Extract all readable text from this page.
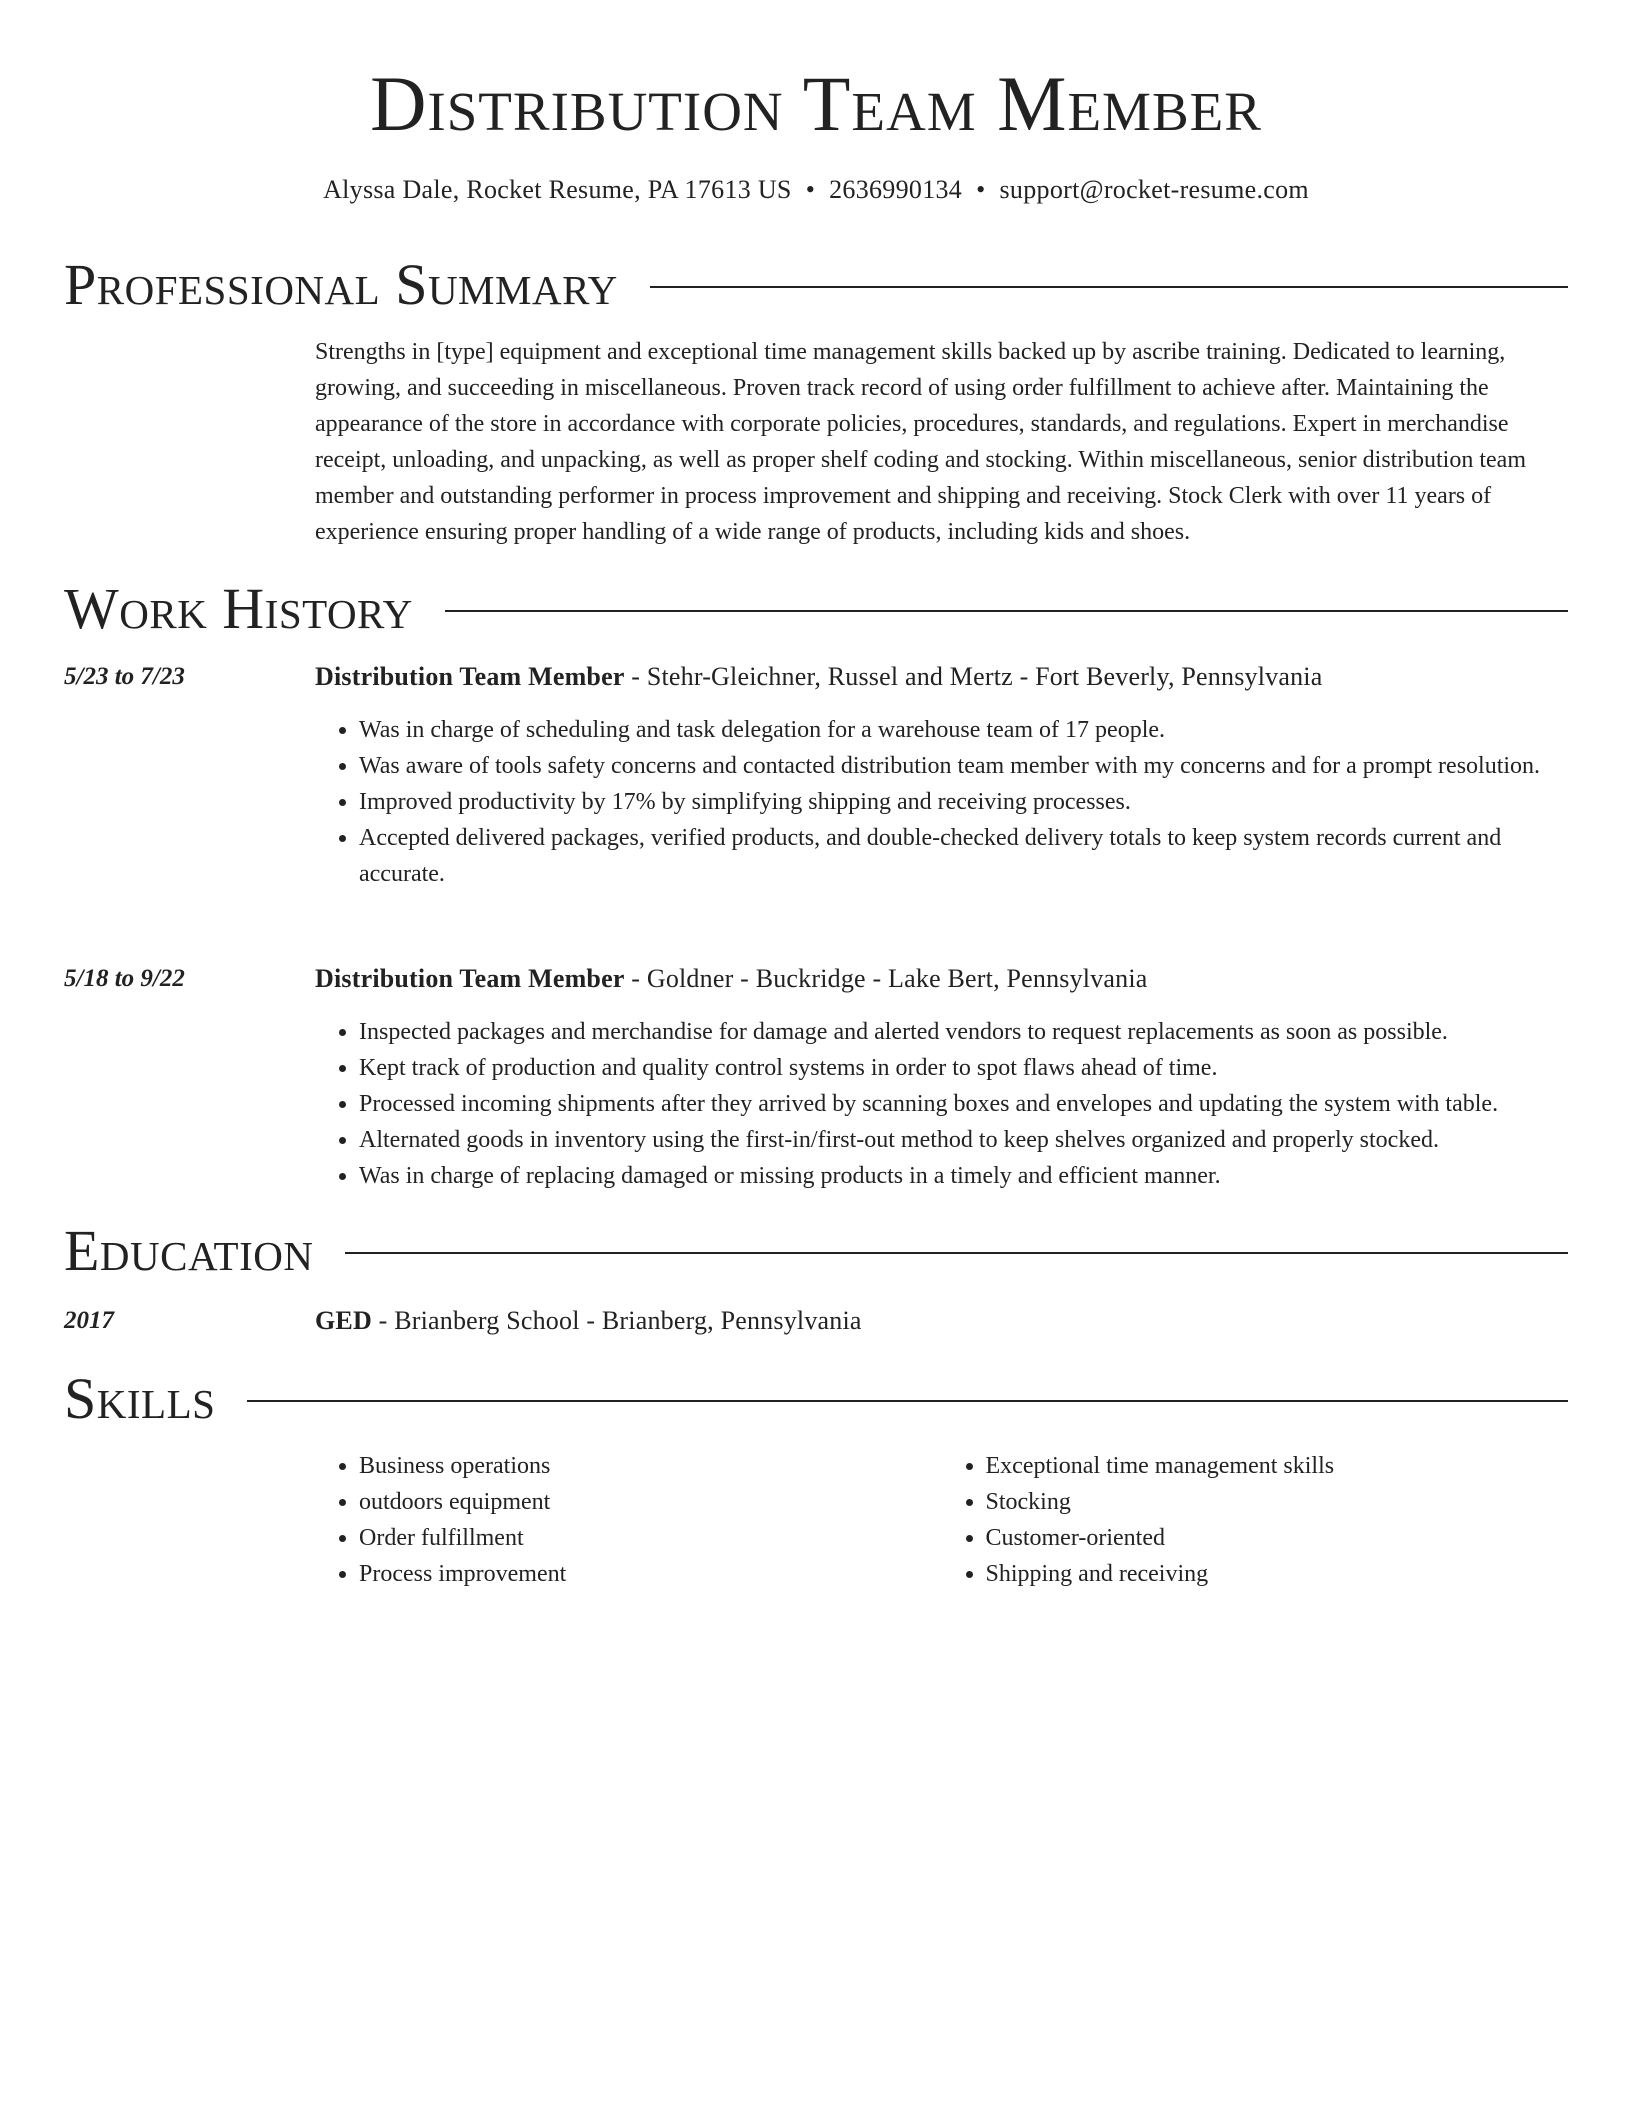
Distribution Team Member
Alyssa Dale, Rocket Resume, PA 17613 US • 2636990134 • support@rocket-resume.com
Professional Summary

Strengths in [type] equipment and exceptional time management skills backed up by ascribe training. Dedicated to learning, growing, and succeeding in miscellaneous. Proven track record of using order fulfillment to achieve after. Maintaining the appearance of the store in accordance with corporate policies, procedures, standards, and regulations. Expert in merchandise receipt, unloading, and unpacking, as well as proper shelf coding and stocking. Within miscellaneous, senior distribution team member and outstanding performer in process improvement and shipping and receiving. Stock Clerk with over 11 years of experience ensuring proper handling of a wide range of products, including kids and shoes.

Work History
5/23 to 7/23	Distribution Team Member - Stehr-Gleichner, Russel and Mertz - Fort Beverly, Pennsylvania
• Was in charge of scheduling and task delegation for a warehouse team of 17 people.
• Was aware of tools safety concerns and contacted distribution team member with my concerns and for a prompt resolution.
• Improved productivity by 17% by simplifying shipping and receiving processes.
• Accepted delivered packages, verified products, and double-checked delivery totals to keep system records current and accurate.
5/18 to 9/22	Distribution Team Member - Goldner - Buckridge - Lake Bert, Pennsylvania
• Inspected packages and merchandise for damage and alerted vendors to request replacements as soon as possible.
• Kept track of production and quality control systems in order to spot flaws ahead of time.
• Processed incoming shipments after they arrived by scanning boxes and envelopes and updating the system with table.
• Alternated goods in inventory using the first-in/first-out method to keep shelves organized and properly stocked.
• Was in charge of replacing damaged or missing products in a timely and efficient manner.
Education
2017	GED - Brianberg School - Brianberg, Pennsylvania
Skills
• Business operations
• outdoors equipment
• Order fulfillment
• Process improvement
• Exceptional time management skills
• Stocking
• Customer-oriented
• Shipping and receiving
